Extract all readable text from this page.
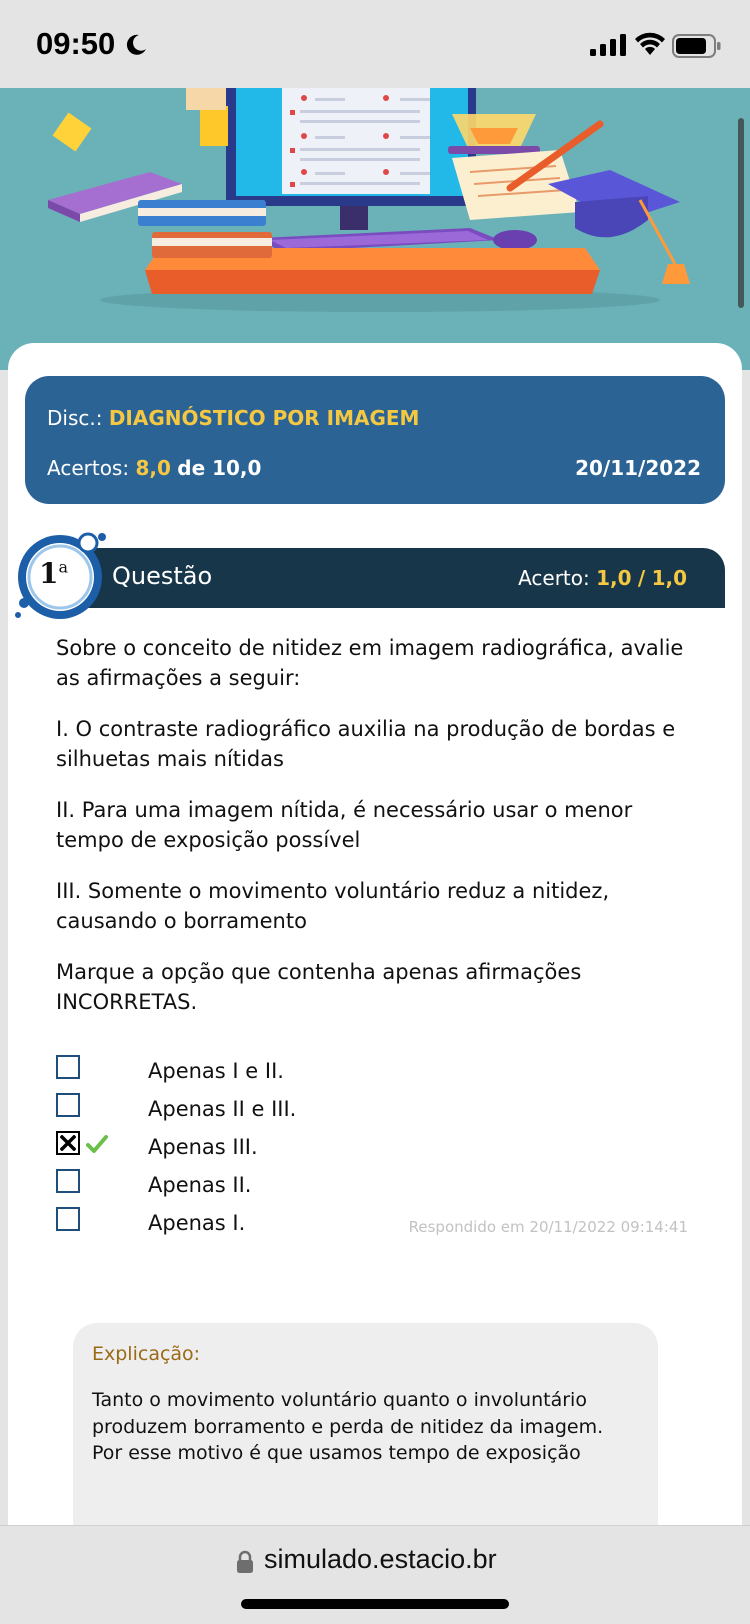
09:50
Disc.: DIAGNÓSTICO POR IMAGEM
Acertos: 8,0 de 10,0	20/11/2022
Questão	Acerto: 1,0 / 1,0
1$^a$

Sobre o conceito de nitidez em imagem radiográfica, avalie as afirmações a seguir:

I. O contraste radiográfico auxilia na produção de bordas e silhuetas mais nítidas

II. Para uma imagem nítida, é necessário usar o menor tempo de exposição possível

III. Somente o movimento voluntário reduz a nitidez, causando o borramento

Marque a opção que contenha apenas afirmações INCORRETAS.

Apenas I e II.
Apenas II e III.
Apenas III.
Apenas II.
Apenas I.	Respondido em 20/11/2022 09:14:41
Explicação:
Tanto o movimento voluntário quanto o involuntário produzem borramento e perda de nitidez da imagem. Por esse motivo é que usamos tempo de exposição
simulado.estacio.br
